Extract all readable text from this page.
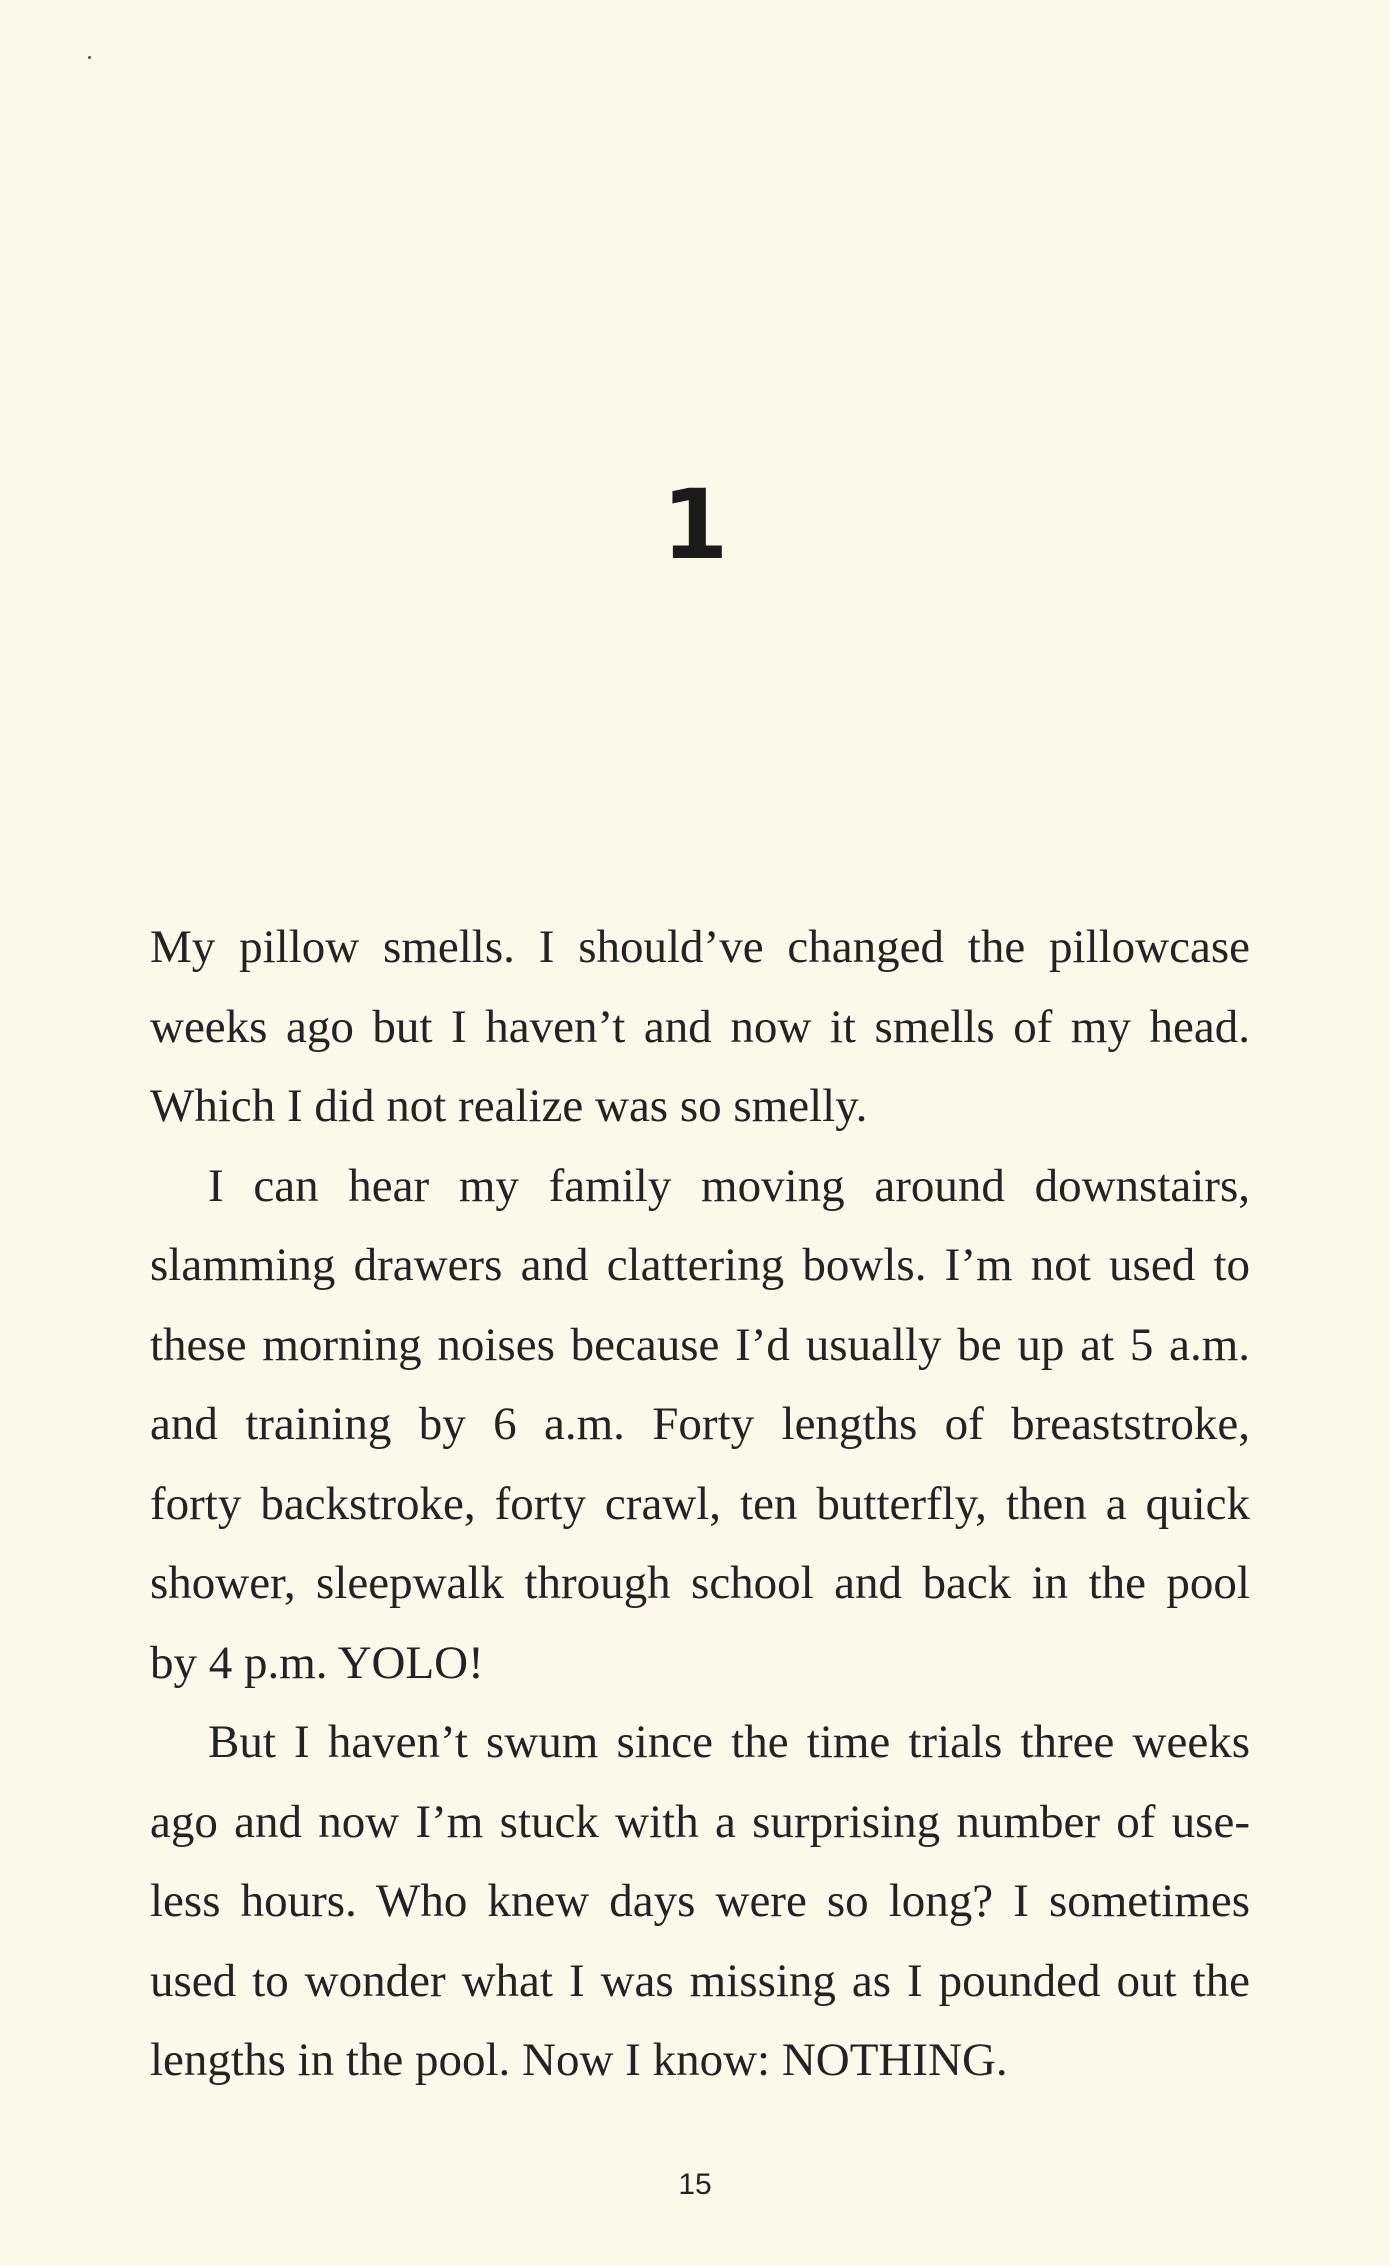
1
My pillow smells. I should’ve changed the pillowcase
weeks ago but I haven’t and now it smells of my head.
Which I did not realize was so smelly.
I can hear my family moving around downstairs,
slamming drawers and clattering bowls. I’m not used to
these morning noises because I’d usually be up at 5 a.m.
and training by 6 a.m. Forty lengths of breaststroke,
forty backstroke, forty crawl, ten butterfly, then a quick
shower, sleepwalk through school and back in the pool
by 4 p.m. YOLO!
But I haven’t swum since the time trials three weeks
ago and now I’m stuck with a surprising number of use-
less hours. Who knew days were so long? I sometimes
used to wonder what I was missing as I pounded out the
lengths in the pool. Now I know: NOTHING.
15
